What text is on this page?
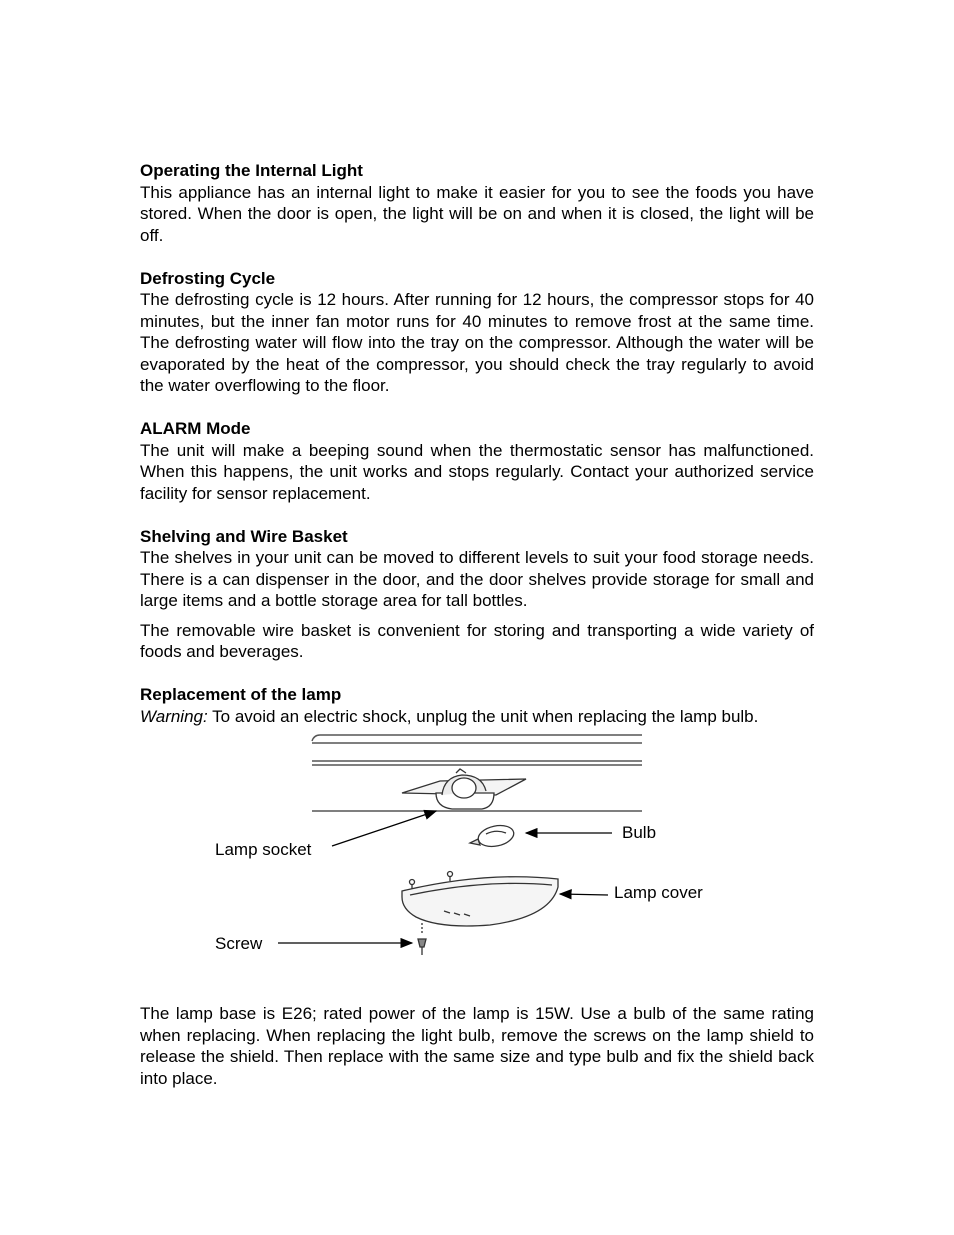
Operating the Internal Light

This appliance has an internal light to make it easier for you to see the foods you have stored. When the door is open, the light will be on and when it is closed, the light will be off.

Defrosting Cycle

The defrosting cycle is 12 hours. After running for 12 hours, the compressor stops for 40 minutes, but the inner fan motor runs for 40 minutes to remove frost at the same time. The defrosting water will flow into the tray on the compressor. Although the water will be evaporated by the heat of the compressor, you should check the tray regularly to avoid the water overflowing to the floor.

ALARM Mode

The unit will make a beeping sound when the thermostatic sensor has malfunctioned. When this happens, the unit works and stops regularly. Contact your authorized service facility for sensor replacement.

Shelving and Wire Basket

The shelves in your unit can be moved to different levels to suit your food storage needs. There is a can dispenser in the door, and the door shelves provide storage for small and large items and a bottle storage area for tall bottles.

The removable wire basket is convenient for storing and transporting a wide variety of foods and beverages.

Replacement of the lamp

Warning: To avoid an electric shock, unplug the unit when replacing the lamp bulb.

Lamp socket
Bulb
Lamp cover
Screw

The lamp base is E26; rated power of the lamp is 15W. Use a bulb of the same rating when replacing. When replacing the light bulb, remove the screws on the lamp shield to release the shield. Then replace with the same size and type bulb and fix the shield back into place.
